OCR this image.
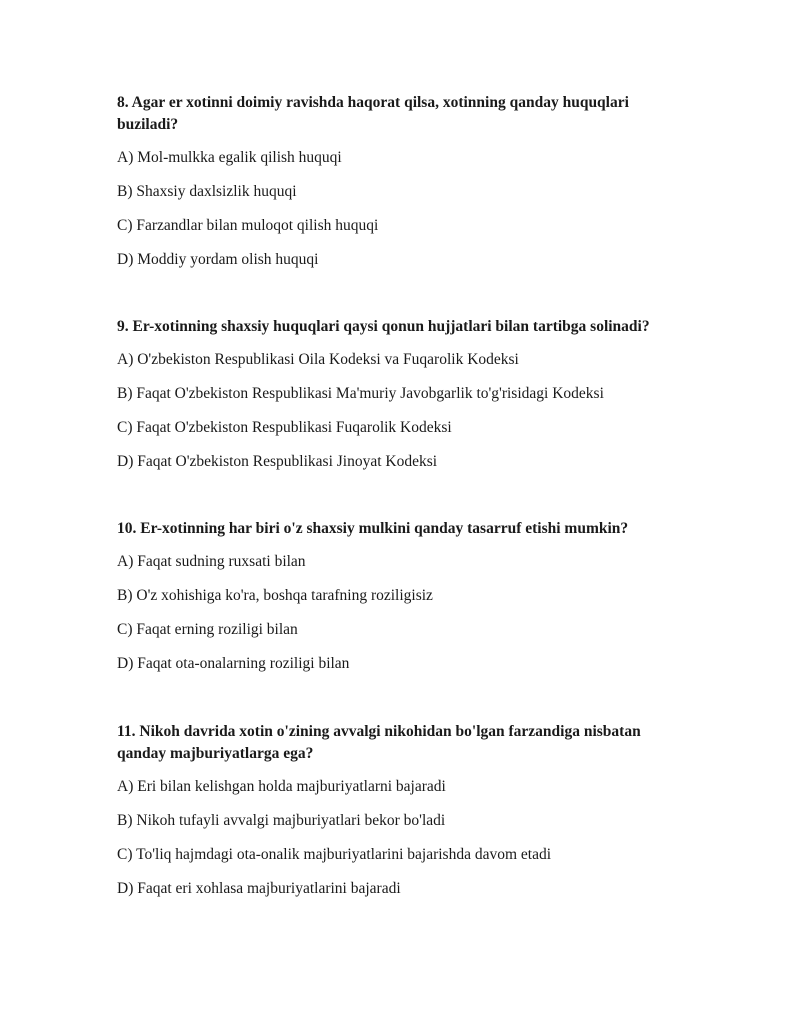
8. Agar er xotinni doimiy ravishda haqorat qilsa, xotinning qanday huquqlari buziladi?

A) Mol-mulkka egalik qilish huquqi

B) Shaxsiy daxlsizlik huquqi

C) Farzandlar bilan muloqot qilish huquqi

D) Moddiy yordam olish huquqi

9. Er-xotinning shaxsiy huquqlari qaysi qonun hujjatlari bilan tartibga solinadi?

A) O'zbekiston Respublikasi Oila Kodeksi va Fuqarolik Kodeksi

B) Faqat O'zbekiston Respublikasi Ma'muriy Javobgarlik to'g'risidagi Kodeksi

C) Faqat O'zbekiston Respublikasi Fuqarolik Kodeksi

D) Faqat O'zbekiston Respublikasi Jinoyat Kodeksi

10. Er-xotinning har biri o'z shaxsiy mulkini qanday tasarruf etishi mumkin?

A) Faqat sudning ruxsati bilan

B) O'z xohishiga ko'ra, boshqa tarafning roziligisiz

C) Faqat erning roziligi bilan

D) Faqat ota-onalarning roziligi bilan

11. Nikoh davrida xotin o'zining avvalgi nikohidan bo'lgan farzandiga nisbatan qanday majburiyatlarga ega?

A) Eri bilan kelishgan holda majburiyatlarni bajaradi

B) Nikoh tufayli avvalgi majburiyatlari bekor bo'ladi

C) To'liq hajmdagi ota-onalik majburiyatlarini bajarishda davom etadi

D) Faqat eri xohlasa majburiyatlarini bajaradi
